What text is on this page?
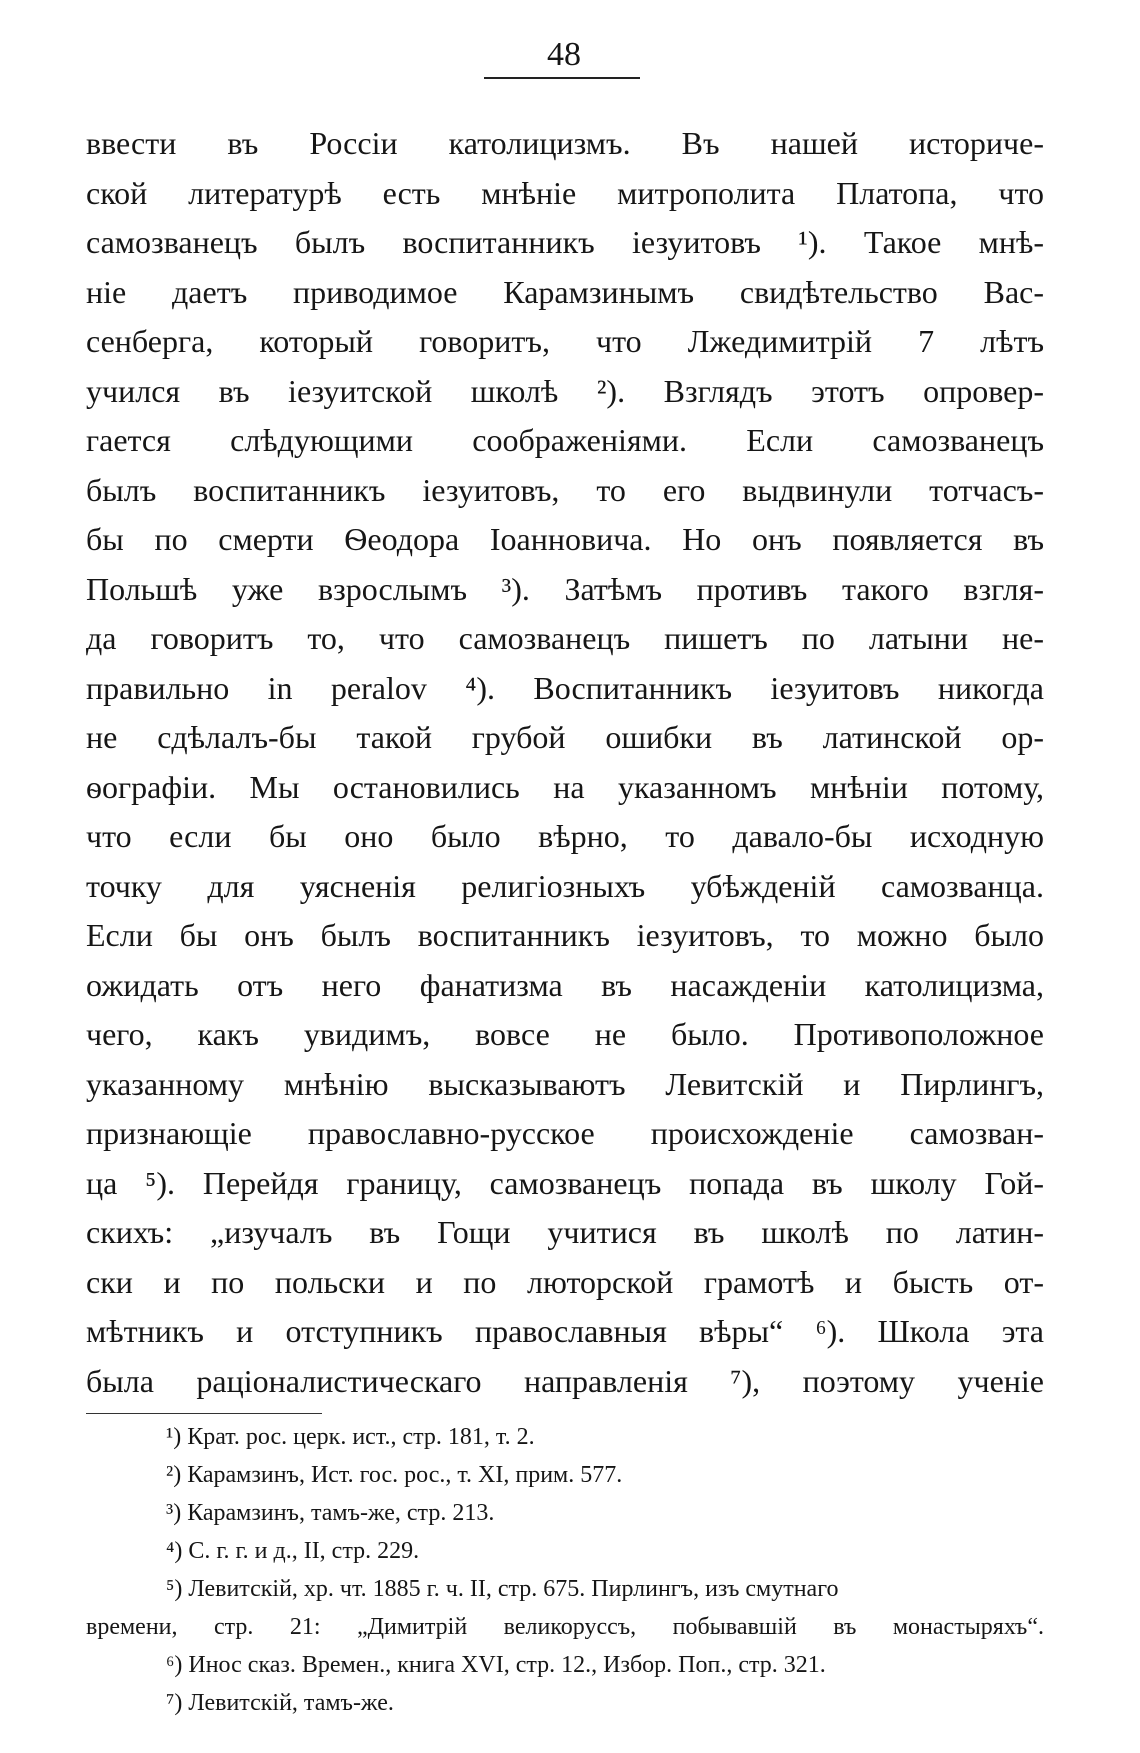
48
ввести въ Россіи католицизмъ. Въ нашей историче-
ской литературѣ есть мнѣніе митрополита Платопа, что
самозванецъ былъ воспитанникъ іезуитовъ ¹). Такое мнѣ-
ніе даетъ приводимое Карамзинымъ свидѣтельство Вас-
сенберга, который говоритъ, что Лжедимитрій 7 лѣтъ
учился въ іезуитской школѣ ²). Взглядъ этотъ опровер-
гается слѣдующими соображеніями. Если самозванецъ
былъ воспитанникъ іезуитовъ, то его выдвинули тотчасъ-
бы по смерти Ѳеодора Іоанновича. Но онъ появляется въ
Польшѣ уже взрослымъ ³). Затѣмъ противъ такого взгля-
да говоритъ то, что самозванецъ пишетъ по латыни не-
правильно in peralov ⁴). Воспитанникъ іезуитовъ никогда
не сдѣлалъ-бы такой грубой ошибки въ латинской ор-
ѳографіи. Мы остановились на указанномъ мнѣніи потому,
что если бы оно было вѣрно, то давало-бы исходную
точку для уясненія религіозныхъ убѣжденій самозванца.
Если бы онъ былъ воспитанникъ іезуитовъ, то можно было
ожидать отъ него фанатизма въ насажденіи католицизма,
чего, какъ увидимъ, вовсе не было. Противоположное
указанному мнѣнію высказываютъ Левитскій и Пирлингъ,
признающіе православно-русское происхожденіе самозван-
ца ⁵). Перейдя границу, самозванецъ попада въ школу Гой-
скихъ: „изучалъ въ Гощи учитися въ школѣ по латин-
ски и по польски и по люторской грамотѣ и бысть от-
мѣтникъ и отступникъ православныя вѣры“ ⁶). Школа эта
была раціоналистическаго направленія ⁷), поэтому ученіе
¹) Крат. рос. церк. ист., стр. 181, т. 2.
²) Карамзинъ, Ист. гос. рос., т. XI, прим. 577.
³) Карамзинъ, тамъ-же, стр. 213.
⁴) С. г. г. и д., II, стр. 229.
⁵) Левитскій, хр. чт. 1885 г. ч. II, стр. 675. Пирлингъ, изъ смутнаго
времени, стр. 21: „Димитрій великоруссъ, побывавшій въ монастыряхъ“.
⁶) Инос сказ. Времен., книга XVI, стр. 12., Избор. Поп., стр. 321.
⁷) Левитскій, тамъ-же.
